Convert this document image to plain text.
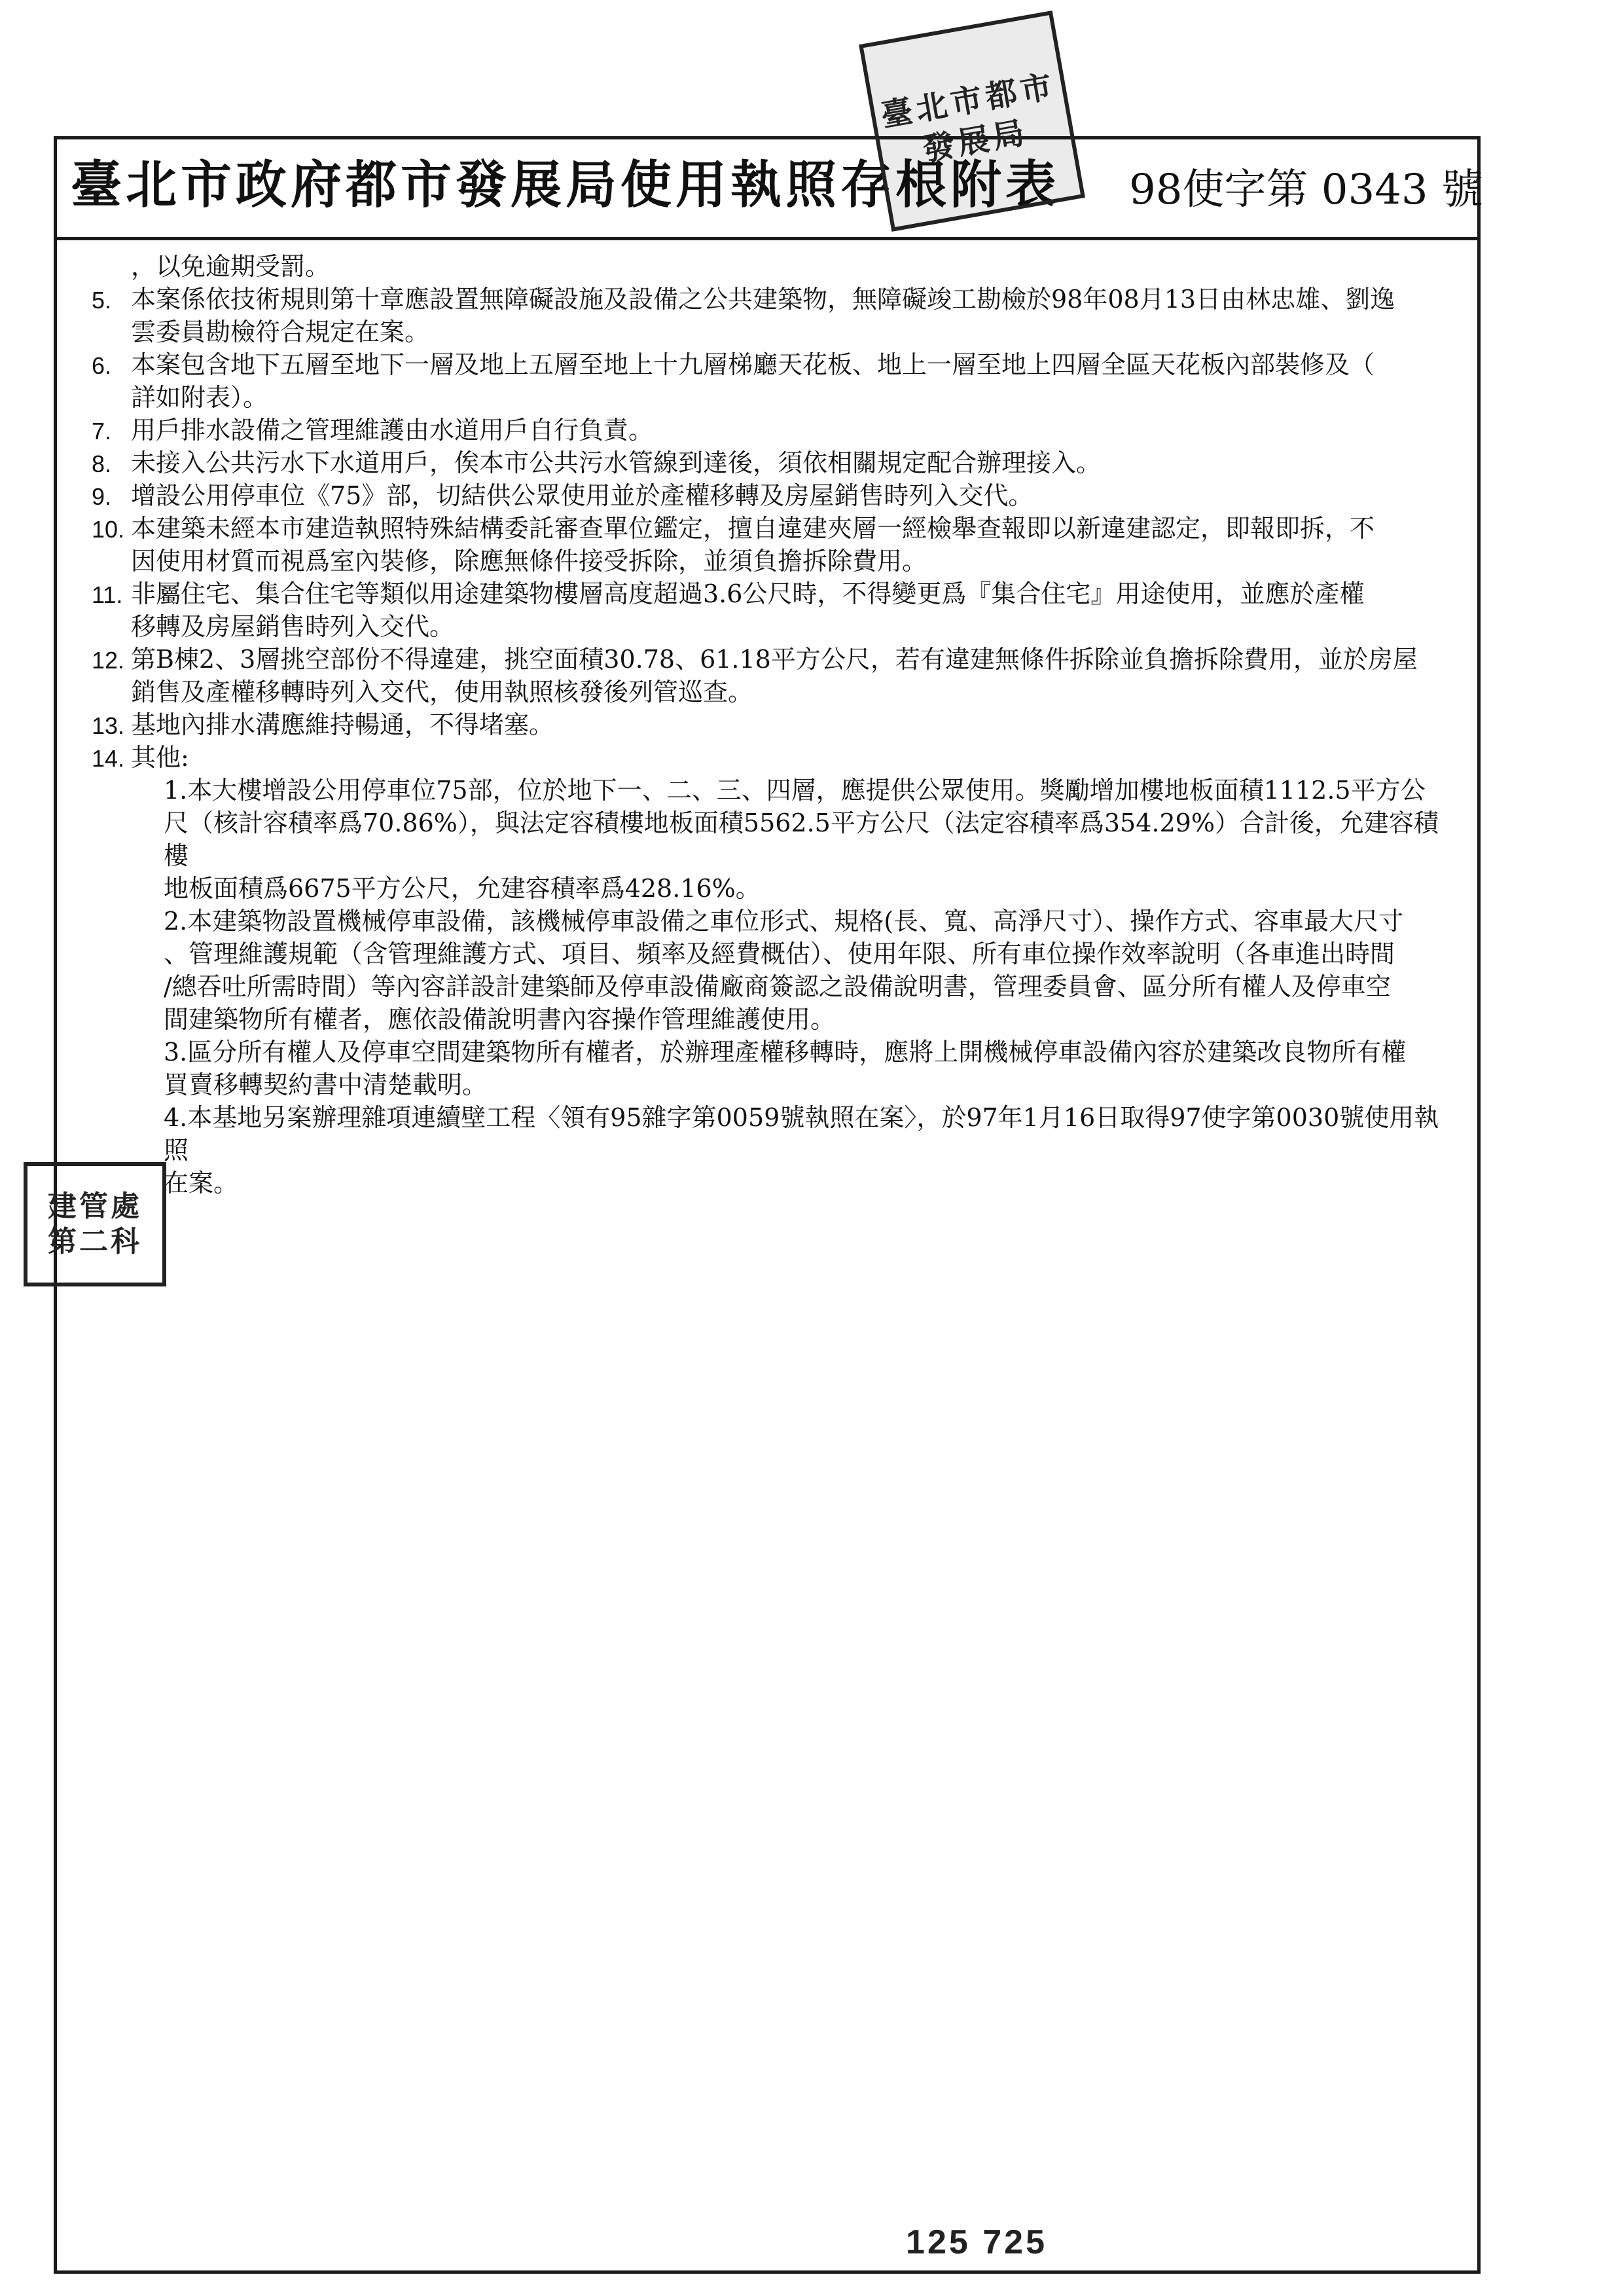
臺北市政府都市發展局使用執照存根附表	98使字第 0343 號
臺北市都市發展局
建管處 第二科
，以免逾期受罰。
5. 本案係依技術規則第十章應設置無障礙設施及設備之公共建築物，無障礙竣工勘檢於98年08月13日由林忠雄、劉逸
雲委員勘檢符合規定在案。
6. 本案包含地下五層至地下一層及地上五層至地上十九層梯廳天花板、地上一層至地上四層全區天花板內部裝修及（
詳如附表）。
7. 用戶排水設備之管理維護由水道用戶自行負責。
8. 未接入公共污水下水道用戶，俟本市公共污水管線到達後，須依相關規定配合辦理接入。
9. 增設公用停車位《75》部，切結供公眾使用並於產權移轉及房屋銷售時列入交代。
10. 本建築未經本市建造執照特殊結構委託審查單位鑑定，擅自違建夾層一經檢舉查報即以新違建認定，即報即拆，不
因使用材質而視爲室內裝修，除應無條件接受拆除，並須負擔拆除費用。
11. 非屬住宅、集合住宅等類似用途建築物樓層高度超過3.6公尺時，不得變更爲『集合住宅』用途使用，並應於產權
移轉及房屋銷售時列入交代。
12. 第B棟2、3層挑空部份不得違建，挑空面積30.78、61.18平方公尺，若有違建無條件拆除並負擔拆除費用，並於房屋
銷售及產權移轉時列入交代，使用執照核發後列管巡查。
13. 基地內排水溝應維持暢通，不得堵塞。
14. 其他:
1.本大樓增設公用停車位75部，位於地下一、二、三、四層，應提供公眾使用。獎勵增加樓地板面積1112.5平方公
尺（核計容積率爲70.86%），與法定容積樓地板面積5562.5平方公尺（法定容積率爲354.29%）合計後，允建容積樓
地板面積爲6675平方公尺，允建容積率爲428.16%。
2.本建築物設置機械停車設備，該機械停車設備之車位形式、規格(長、寬、高淨尺寸）、操作方式、容車最大尺寸
、管理維護規範（含管理維護方式、項目、頻率及經費概估）、使用年限、所有車位操作效率說明（各車進出時間
/總吞吐所需時間）等內容詳設計建築師及停車設備廠商簽認之設備說明書，管理委員會、區分所有權人及停車空
間建築物所有權者，應依設備說明書內容操作管理維護使用。
3.區分所有權人及停車空間建築物所有權者，於辦理產權移轉時，應將上開機械停車設備內容於建築改良物所有權
買賣移轉契約書中清楚載明。
4.本基地另案辦理雜項連續壁工程〈領有95雜字第0059號執照在案〉，於97年1月16日取得97使字第0030號使用執照
在案。
125 725
